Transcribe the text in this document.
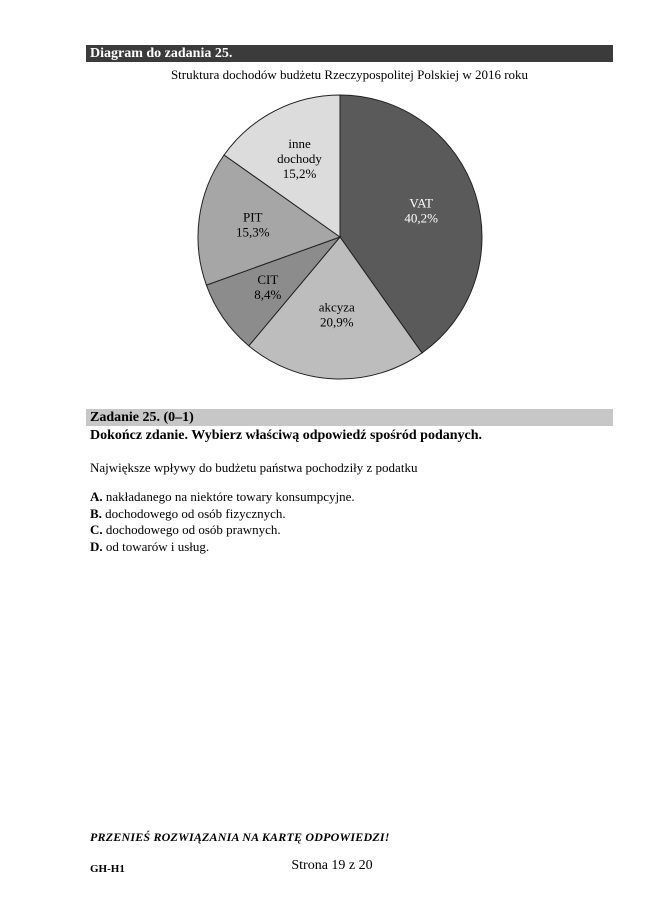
Diagram do zadania 25.
Struktura dochodów budżetu Rzeczypospolitej Polskiej w 2016 roku
VAT
40,2%
akcyza
20,9%
CIT
8,4%
PIT
15,3%
inne
dochody
15,2%
Zadanie 25. (0–1)
Dokończ zdanie. Wybierz właściwą odpowiedź spośród podanych.
Największe wpływy do budżetu państwa pochodziły z podatku
A. nakładanego na niektóre towary konsumpcyjne.
B. dochodowego od osób fizycznych.
C. dochodowego od osób prawnych.
D. od towarów i usług.
PRZENIEŚ ROZWIĄZANIA NA KARTĘ ODPOWIEDZI!
GH-H1	Strona 19 z 20
